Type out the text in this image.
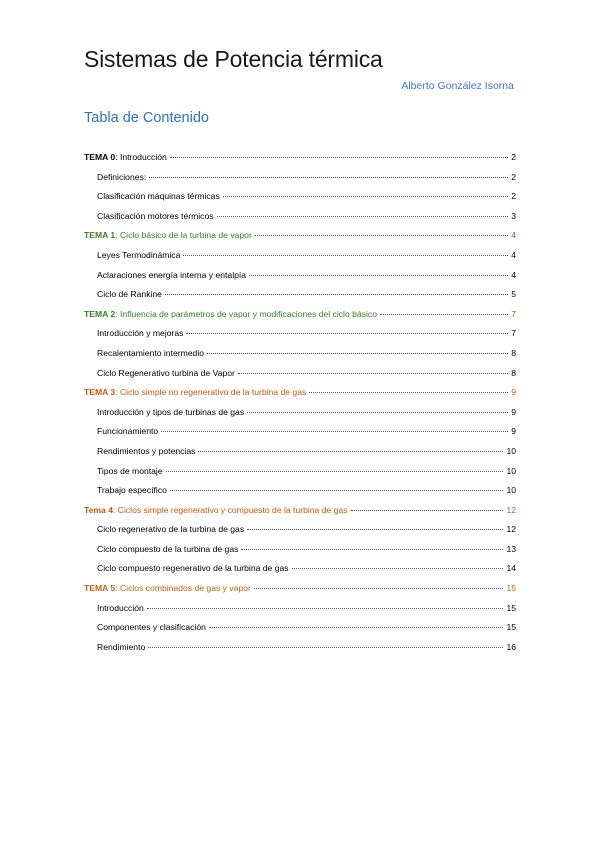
Sistemas de Potencia térmica
Alberto González Isorna
Tabla de Contenido
TEMA 0: Introducción	2
Definiciones:	2
Clasificación máquinas térmicas	2
Clasificación motores térmicos	3
TEMA 1: Ciclo básico de la turbina de vapor	4
Leyes Termodinámica	4
Aclaraciones energía interna y entalpía	4
Ciclo de Rankine	5
TEMA 2: Influencia de parámetros de vapor y modificaciones del ciclo básico	7
Introducción y mejoras	7
Recalentamiento intermedio	8
Ciclo Regenerativo turbina de Vapor	8
TEMA 3: Ciclo simple no regenerativo de la turbina de gas	9
Introducción y tipos de turbinas de gas	9
Funcionamiento	9
Rendimientos y potencias	10
Tipos de montaje	10
Trabajo específico	10
Tema 4: Ciclos simple regenerativo y compuesto de la turbina de gas	12
Ciclo regenerativo de la turbina de gas	12
Ciclo compuesto de la turbina de gas	13
Ciclo compuesto regenerativo de la turbina de gas	14
TEMA 5: Ciclos combinados de gas y vapor	15
Introducción	15
Componentes y clasificación	15
Rendimiento	16
